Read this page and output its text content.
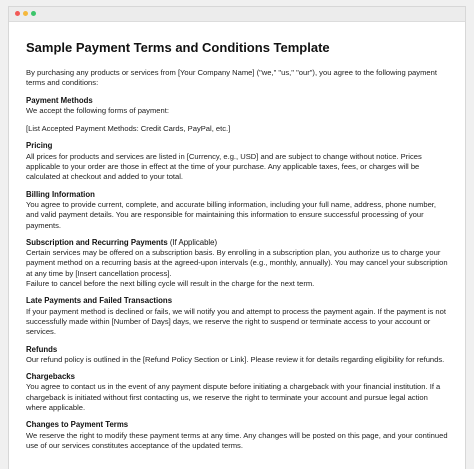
Sample Payment Terms and Conditions Template

By purchasing any products or services from [Your Company Name] ("we," "us," "our"), you agree to the following payment terms and conditions:

Payment Methods
We accept the following forms of payment:
[List Accepted Payment Methods: Credit Cards, PayPal, etc.]
Pricing
All prices for products and services are listed in [Currency, e.g., USD] and are subject to change without notice. Prices applicable to your order are those in effect at the time of your purchase. Any applicable taxes, fees, or charges will be calculated at checkout and added to your total.
Billing Information
You agree to provide current, complete, and accurate billing information, including your full name, address, phone number, and valid payment details. You are responsible for maintaining this information to ensure successful processing of your payments.
Subscription and Recurring Payments (If Applicable)
Certain services may be offered on a subscription basis. By enrolling in a subscription plan, you authorize us to charge your payment method on a recurring basis at the agreed-upon intervals (e.g., monthly, annually). You may cancel your subscription at any time by [Insert cancellation process].
Failure to cancel before the next billing cycle will result in the charge for the next term.
Late Payments and Failed Transactions
If your payment method is declined or fails, we will notify you and attempt to process the payment again. If the payment is not successfully made within [Number of Days] days, we reserve the right to suspend or terminate access to your account or services.
Refunds
Our refund policy is outlined in the [Refund Policy Section or Link]. Please review it for details regarding eligibility for refunds.
Chargebacks
You agree to contact us in the event of any payment dispute before initiating a chargeback with your financial institution. If a chargeback is initiated without first contacting us, we reserve the right to terminate your account and pursue legal action where applicable.
Changes to Payment Terms
We reserve the right to modify these payment terms at any time. Any changes will be posted on this page, and your continued use of our services constitutes acceptance of the updated terms.
